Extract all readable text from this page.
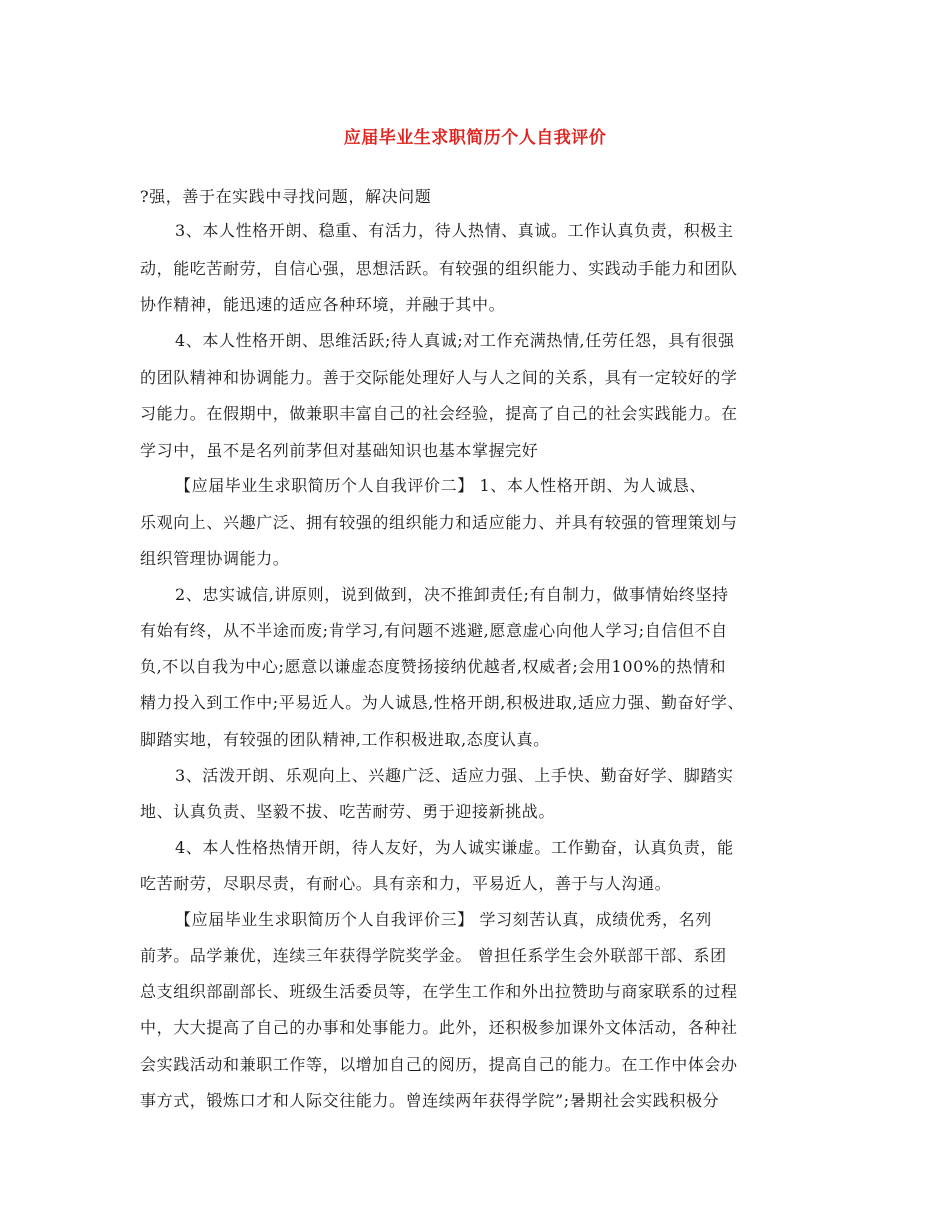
应届毕业生求职简历个人自我评价
?强，善于在实践中寻找问题，解决问题
3、本人性格开朗、稳重、有活力，待人热情、真诚。工作认真负责，积极主
动，能吃苦耐劳，自信心强，思想活跃。有较强的组织能力、实践动手能力和团队
协作精神，能迅速的适应各种环境，并融于其中。
4、本人性格开朗、思维活跃;待人真诚;对工作充满热情,任劳任怨，具有很强
的团队精神和协调能力。善于交际能处理好人与人之间的关系，具有一定较好的学
习能力。在假期中，做兼职丰富自己的社会经验，提高了自己的社会实践能力。在
学习中，虽不是名列前茅但对基础知识也基本掌握完好
【应届毕业生求职简历个人自我评价二】 1、本人性格开朗、为人诚恳、
乐观向上、兴趣广泛、拥有较强的组织能力和适应能力、并具有较强的管理策划与
组织管理协调能力。
2、忠实诚信,讲原则，说到做到，决不推卸责任;有自制力，做事情始终坚持
有始有终，从不半途而废;肯学习,有问题不逃避,愿意虚心向他人学习;自信但不自
负,不以自我为中心;愿意以谦虚态度赞扬接纳优越者,权威者;会用100%的热情和
精力投入到工作中;平易近人。为人诚恳,性格开朗,积极进取,适应力强、勤奋好学、
脚踏实地，有较强的团队精神,工作积极进取,态度认真。
3、活泼开朗、乐观向上、兴趣广泛、适应力强、上手快、勤奋好学、脚踏实
地、认真负责、坚毅不拔、吃苦耐劳、勇于迎接新挑战。
4、本人性格热情开朗，待人友好，为人诚实谦虚。工作勤奋，认真负责，能
吃苦耐劳，尽职尽责，有耐心。具有亲和力，平易近人，善于与人沟通。
【应届毕业生求职简历个人自我评价三】 学习刻苦认真，成绩优秀，名列
前茅。品学兼优，连续三年获得学院奖学金。 曾担任系学生会外联部干部、系团
总支组织部副部长、班级生活委员等，在学生工作和外出拉赞助与商家联系的过程
中，大大提高了自己的办事和处事能力。此外，还积极参加课外文体活动，各种社
会实践活动和兼职工作等，以增加自己的阅历，提高自己的能力。在工作中体会办
事方式，锻炼口才和人际交往能力。曾连续两年获得学院”;暑期社会实践积极分
